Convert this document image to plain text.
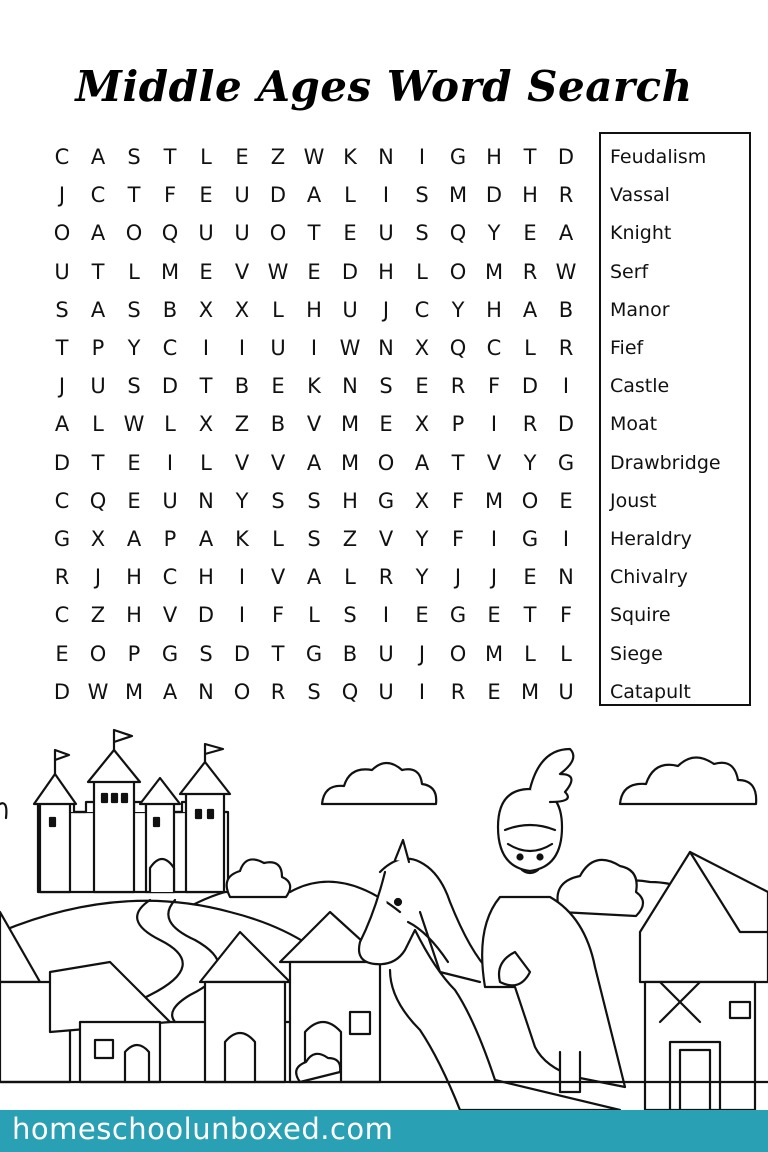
Middle Ages Word Search
C	A	S	T	L	E	Z W K	N	I	G H	T	D
J	C	T	F	E	U D A	L	I	S M D H R
O A O Q U U O	T	E	U	S	Q	Y	E	A
U	T	L	M E	V W E	D H	L	O M R W
S	A	S	B	X	X	L	H U	J	C	Y	H A	B
T	P	Y	C	I	I	U	I	W N X Q C	L	R
J	U	S	D	T	B	E	K	N	S	E	R	F	D	I
A	L W L	X	Z	B	V M E	X	P	I	R D
D	T	E	I	L	V	V	A M O A	T	V	Y	G
C Q	E	U N	Y	S	S	H G X	F M O	E
G X	A	P	A	K	L	S	Z	V	Y	F	I	G	I
R	J	H C H	I	V	A	L	R	Y	J	J	E	N
C	Z H V D	I	F	L	S	I	E	G	E	T	F
E	O	P	G	S	D	T	G B	U	J	O M	L	L
D W M A N O R	S	Q U	I	R	E M U
Feudalism
Vassal
Knight
Serf
Manor
Fief
Castle
Moat
Drawbridge
Joust
Heraldry
Chivalry
Squire
Siege
Catapult
homeschoolunboxed.com
